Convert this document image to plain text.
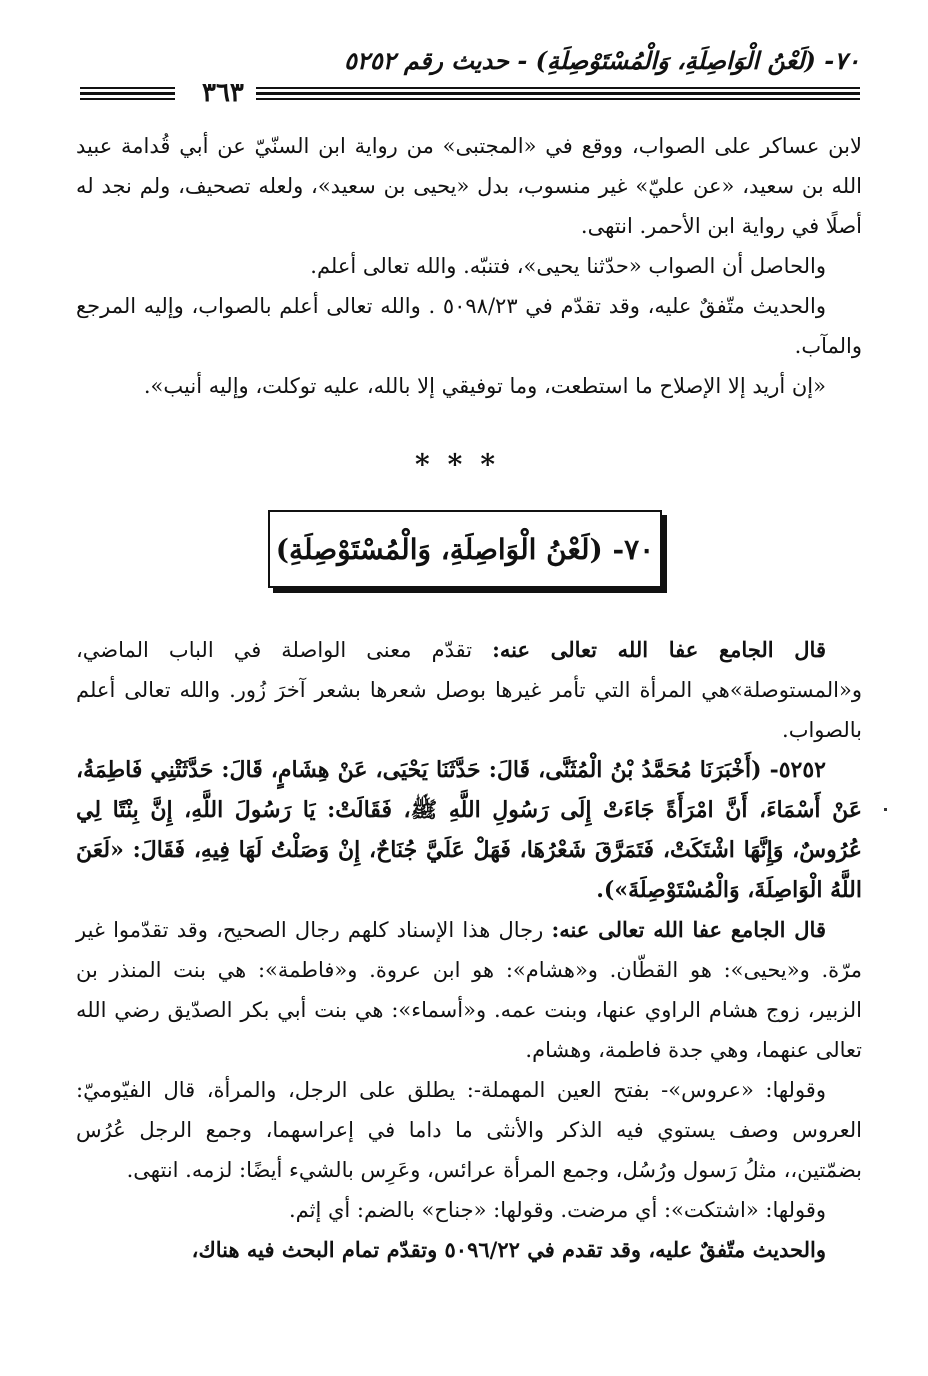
٧٠- (لَعْنُ الْوَاصِلَةِ، وَالْمُسْتَوْصِلَةِ) - حديث رقم ٥٢٥٢
٣٦٣

لابن عساكر على الصواب، ووقع في «المجتبى» من رواية ابن السنّيّ عن أبي قُدامة عبيد الله بن سعيد، «عن عليّ» غير منسوب، بدل «يحيى بن سعيد»، ولعله تصحيف، ولم نجد له أصلًا في رواية ابن الأحمر. انتهى.

والحاصل أن الصواب «حدّثنا يحيى»، فتنبّه. والله تعالى أعلم.

والحديث متّفقٌ عليه، وقد تقدّم في ٥٠٩٨/٢٣ . والله تعالى أعلم بالصواب، وإليه المرجع والمآب.

«إن أريد إلا الإصلاح ما استطعت، وما توفيقي إلا بالله، عليه توكلت، وإليه أنيب».

***
٧٠- (لَعْنُ الْوَاصِلَةِ، وَالْمُسْتَوْصِلَةِ)

قال الجامع عفا الله تعالى عنه: تقدّم معنى الواصلة في الباب الماضي، و«المستوصلة»هي المرأة التي تأمر غيرها بوصل شعرها بشعر آخرَ زُور. والله تعالى أعلم بالصواب.

٥٢٥٢- (أَخْبَرَنَا مُحَمَّدُ بْنُ الْمُثَنَّى، قَالَ: حَدَّثَنَا يَحْيَى، عَنْ هِشَامٍ، قَالَ: حَدَّثَتْنِي فَاطِمَةُ، عَنْ أَسْمَاءَ، أَنَّ امْرَأَةً جَاءَتْ إِلَى رَسُولِ اللَّهِ ﷺ، فَقَالَتْ: يَا رَسُولَ اللَّهِ، إِنَّ بِنْتًا لِي عُرُوسٌ، وَإِنَّهَا اشْتَكَتْ، فَتَمَرَّقَ شَعْرُهَا، فَهَلْ عَلَيَّ جُنَاحٌ، إِنْ وَصَلْتُ لَهَا فِيهِ، فَقَالَ: «لَعَنَ اللَّهُ الْوَاصِلَةَ، وَالْمُسْتَوْصِلَةَ»).

قال الجامع عفا الله تعالى عنه: رجال هذا الإسناد كلهم رجال الصحيح، وقد تقدّموا غير مرّة. و«يحيى»: هو القطّان. و«هشام»: هو ابن عروة. و«فاطمة»: هي بنت المنذر بن الزبير، زوج هشام الراوي عنها، وبنت عمه. و«أسماء»: هي بنت أبي بكر الصدّيق رضي الله تعالى عنهما، وهي جدة فاطمة، وهشام.

وقولها: «عروس»- بفتح العين المهملة-: يطلق على الرجل، والمرأة، قال الفيّوميّ: العروس وصف يستوي فيه الذكر والأنثى ما داما في إعراسهما، وجمع الرجل عُرُس بضمّتين،، مثلُ رَسول ورُسُل، وجمع المرأة عرائس، وعَرِس بالشيء أيضًا: لزمه. انتهى.

وقولها: «اشتكت»: أي مرضت. وقولها: «جناح» بالضم: أي إثم.

والحديث متّفقٌ عليه، وقد تقدم في ٥٠٩٦/٢٢ وتقدّم تمام البحث فيه هناك،
